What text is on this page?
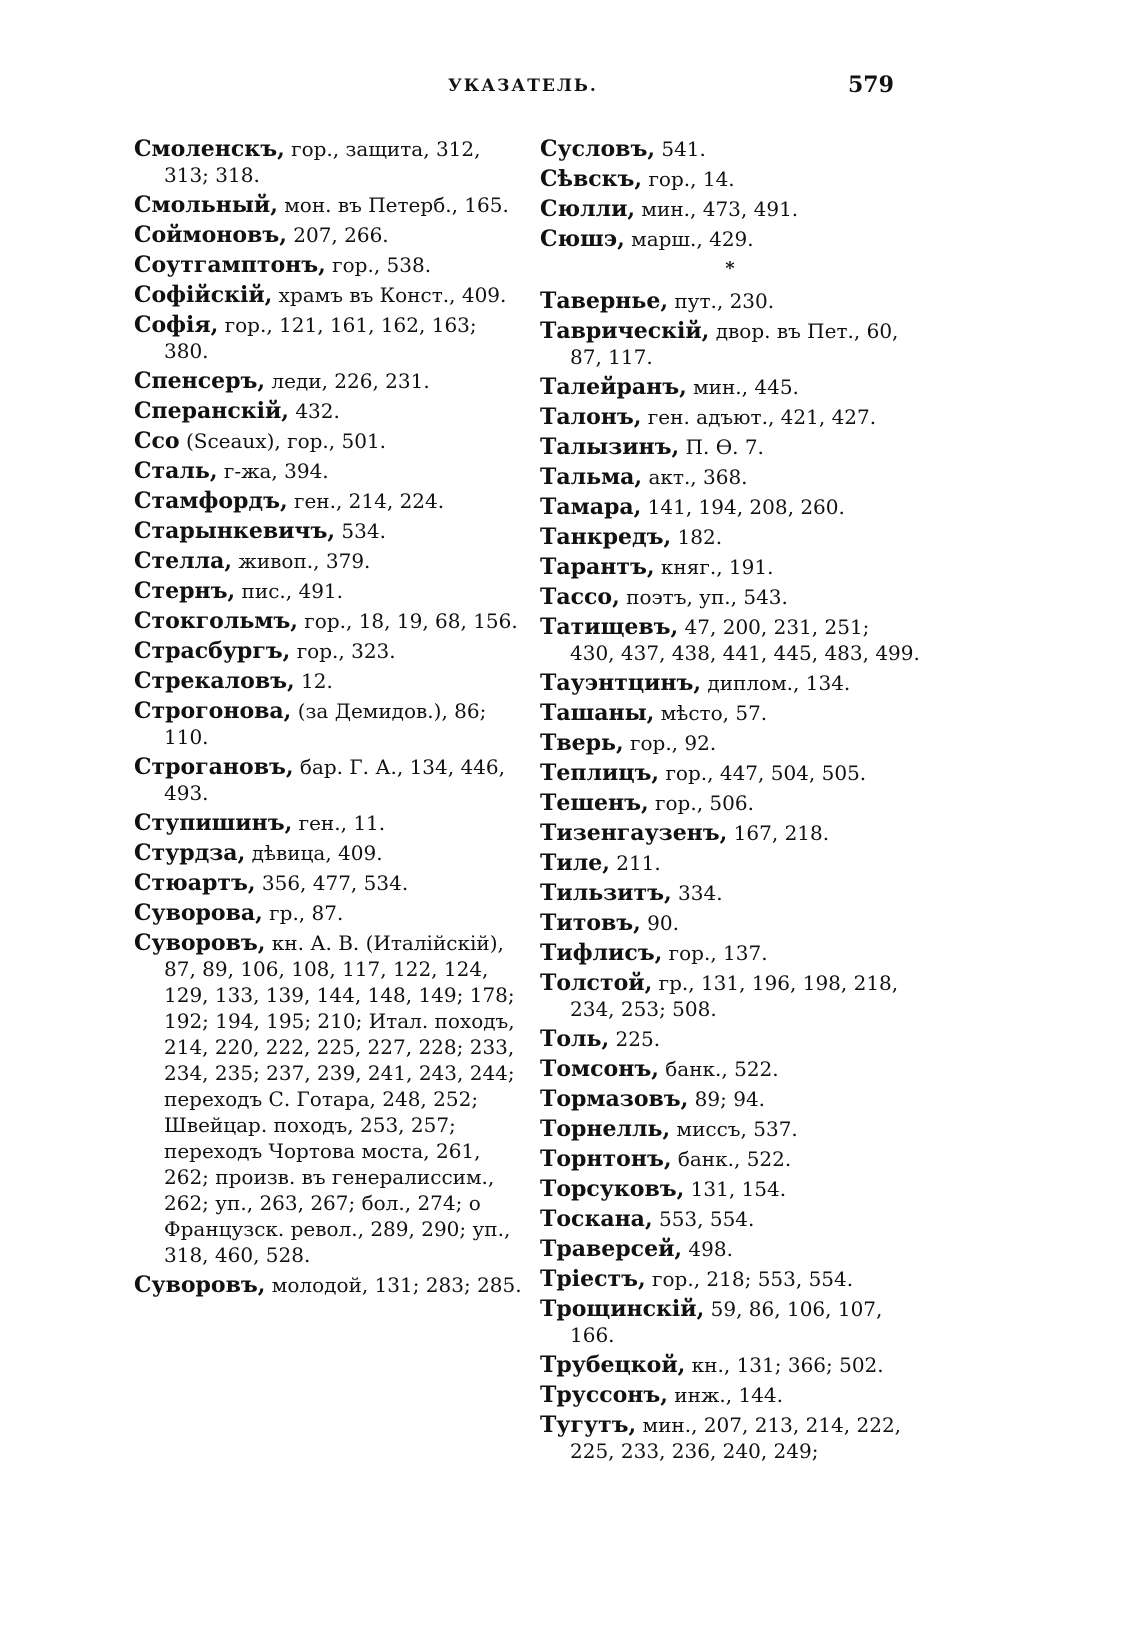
УКАЗАТЕЛЬ.	579
Смоленскъ, гор., защита, 312, 313; 318.
Смольный, мон. въ Петерб., 165.
Соймоновъ, 207, 266.
Соутгамптонъ, гор., 538.
Софійскій, храмъ въ Конст., 409.
Софія, гор., 121, 161, 162, 163; 380.
Спенсеръ, леди, 226, 231.
Сперанскій, 432.
Сco (Sceaux), гор., 501.
Сталь, г-жа, 394.
Стамфордъ, ген., 214, 224.
Старынкевичъ, 534.
Стелла, живоп., 379.
Стернъ, пис., 491.
Стокгольмъ, гор., 18, 19, 68, 156.
Страсбургъ, гор., 323.
Стрекаловъ, 12.
Строгонова, (за Демидов.), 86; 110.
Строгановъ, бар. Г. А., 134, 446, 493.
Ступишинъ, ген., 11.
Стурдза, дѣвица, 409.
Стюартъ, 356, 477, 534.
Суворова, гр., 87.
Суворовъ, кн. А. В. (Италійскій), 87, 89, 106, 108, 117, 122, 124, 129, 133, 139, 144, 148, 149; 178; 192; 194, 195; 210; Итал. походъ, 214, 220, 222, 225, 227, 228; 233, 234, 235; 237, 239, 241, 243, 244; переходъ С. Готара, 248, 252; Швейцар. походъ, 253, 257; переходъ Чортова моста, 261, 262; произв. въ генералиссим., 262; уп., 263, 267; бол., 274; о Французск. револ., 289, 290; уп., 318, 460, 528.
Суворовъ, молодой, 131; 283; 285.
Сусловъ, 541.
Сѣвскъ, гор., 14.
Сюлли, мин., 473, 491.
Сюшэ, марш., 429.
*
Тавернье, пут., 230.
Таврическій, двор. въ Пет., 60, 87, 117.
Талейранъ, мин., 445.
Талонъ, ген. адъют., 421, 427.
Талызинъ, П. Ѳ. 7.
Тальма, акт., 368.
Тамара, 141, 194, 208, 260.
Танкредъ, 182.
Тарантъ, княг., 191.
Тассо, поэтъ, уп., 543.
Татищевъ, 47, 200, 231, 251; 430, 437, 438, 441, 445, 483, 499.
Тауэнтцинъ, диплом., 134.
Ташаны, мѣсто, 57.
Тверь, гор., 92.
Теплицъ, гор., 447, 504, 505.
Тешенъ, гор., 506.
Тизенгаузенъ, 167, 218.
Тиле, 211.
Тильзитъ, 334.
Титовъ, 90.
Тифлисъ, гор., 137.
Толстой, гр., 131, 196, 198, 218, 234, 253; 508.
Толь, 225.
Томсонъ, банк., 522.
Тормазовъ, 89; 94.
Торнелль, миссъ, 537.
Торнтонъ, банк., 522.
Торсуковъ, 131, 154.
Тоскана, 553, 554.
Траверсей, 498.
Тріестъ, гор., 218; 553, 554.
Трощинскій, 59, 86, 106, 107, 166.
Трубецкой, кн., 131; 366; 502.
Труссонъ, инж., 144.
Тугутъ, мин., 207, 213, 214, 222, 225, 233, 236, 240, 249;
